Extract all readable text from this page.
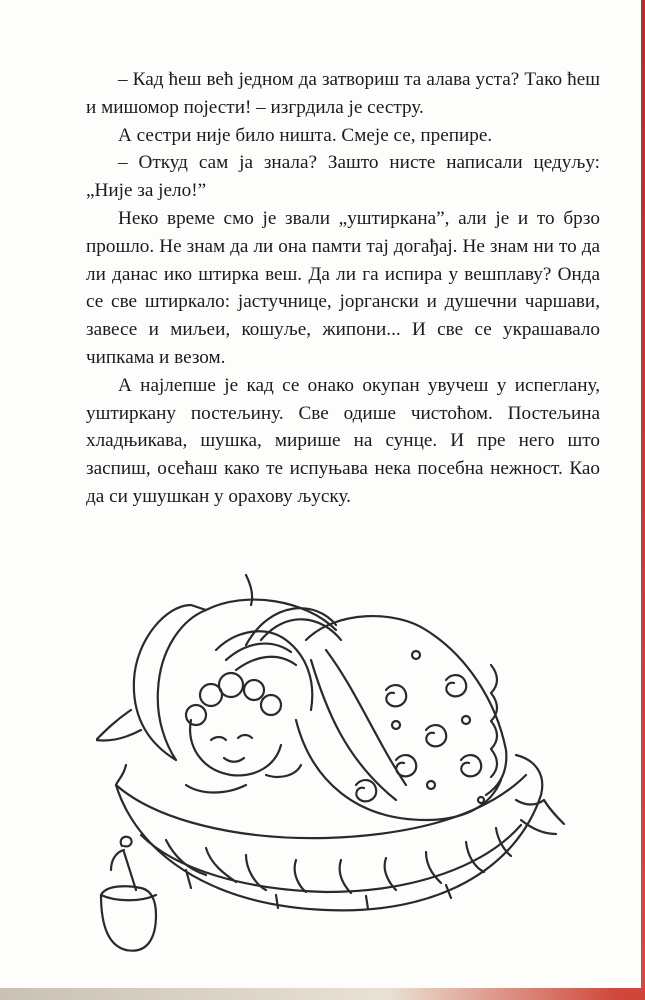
– Кад ћеш већ једном да затвориш та алава уста? Тако ћеш и мишомор појести! – изгрдила је сестру.

А сестри није било ништа. Смеје се, препире.

– Откуд сам ја знала? Зашто нисте написали цедуљу: „Није за јело!”

Неко време смо је звали „уштиркана”, али је и то брзо прошло. Не знам да ли она памти тај догађај. Не знам ни то да ли данас ико штирка веш. Да ли га испира у вешплаву? Онда се све штиркало: јастучнице, јоргански и душечни чаршави, завесе и миљеи, кошуље, жипони... И све се украшавало чипкама и везом.

А најлепше је кад се онако окупан увучеш у испеглану, уштиркану постељину. Све одише чистоћом. Постељина хладњикава, шушка, мирише на сунце. И пре него што заспиш, осећаш како те испуњава нека посебна нежност. Као да си ушушкан у орахову љуску.
